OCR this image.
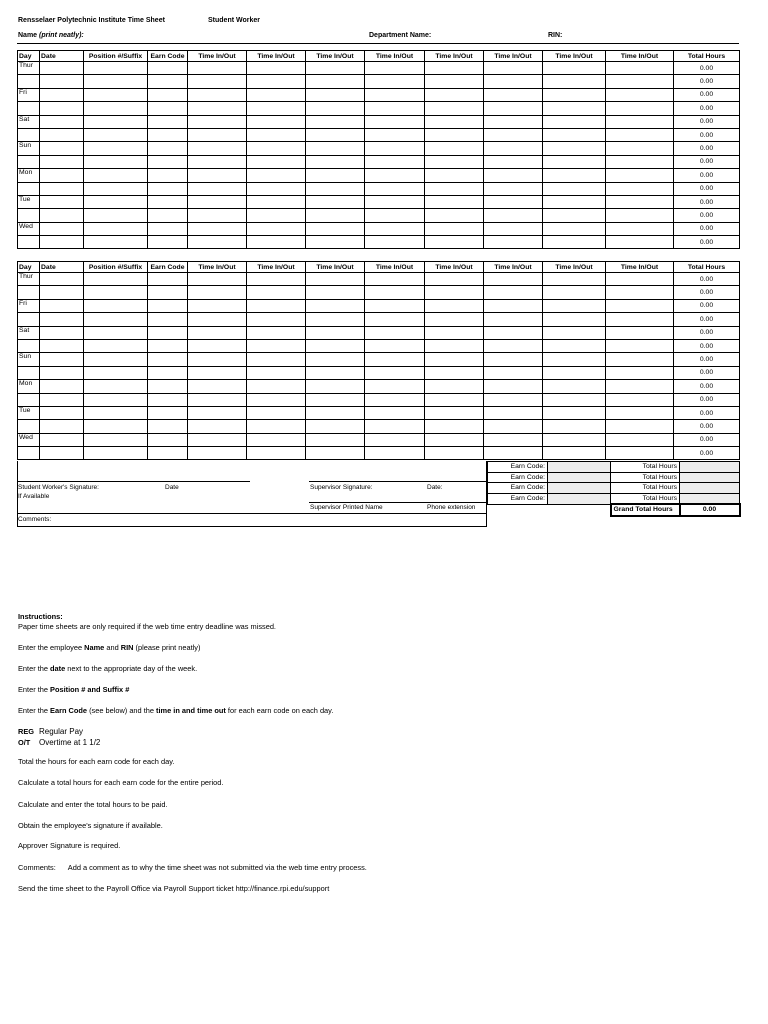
Rensselaer Polytechnic Institute Time Sheet	Student Worker
Name (print neatly):	Department Name:	RIN:
Day	Date	Position #/Suffix	Earn Code	Time In/Out	Time In/Out	Time In/Out	Time In/Out	Time In/Out	Time In/Out	Time In/Out	Time In/Out	Total Hours
Thur												0.00
												0.00
Fri												0.00
												0.00
Sat												0.00
												0.00
Sun												0.00
												0.00
Mon												0.00
												0.00
Tue												0.00
												0.00
Wed												0.00
												0.00
Day	Date	Position #/Suffix	Earn Code	Time In/Out	Time In/Out	Time In/Out	Time In/Out	Time In/Out	Time In/Out	Time In/Out	Time In/Out	Total Hours
Thur												0.00
												0.00
Fri												0.00
												0.00
Sat												0.00
												0.00
Sun												0.00
												0.00
Mon												0.00
												0.00
Tue												0.00
												0.00
Wed												0.00
												0.00
Student Worker's Signature:	Date
If Available
Supervisor Signature:	Date:
Supervisor Printed Name	Phone extension
Comments:
Earn Code:		Total Hours	
Earn Code:		Total Hours	
Earn Code:		Total Hours	
Earn Code:		Total Hours	
		Grand Total Hours	0.00
Instructions:
Paper time sheets are only required if the web time entry deadline was missed.
Enter the employee Name and RIN (please print neatly)
Enter the date next to the appropriate day of the week.
Enter the Position # and Suffix #
Enter the Earn Code (see below) and the time in and time out for each earn code on each day.
REG Regular Pay
O/T Overtime at 1 1/2
Total the hours for each earn code for each day.
Calculate a total hours for each earn code for the entire period.
Calculate and enter the total hours to be paid.
Obtain the employee's signature if available.
Approver Signature is required.
Comments: Add a comment as to why the time sheet was not submitted via the web time entry process.
Send the time sheet to the Payroll Office via Payroll Support ticket http://finance.rpi.edu/support
